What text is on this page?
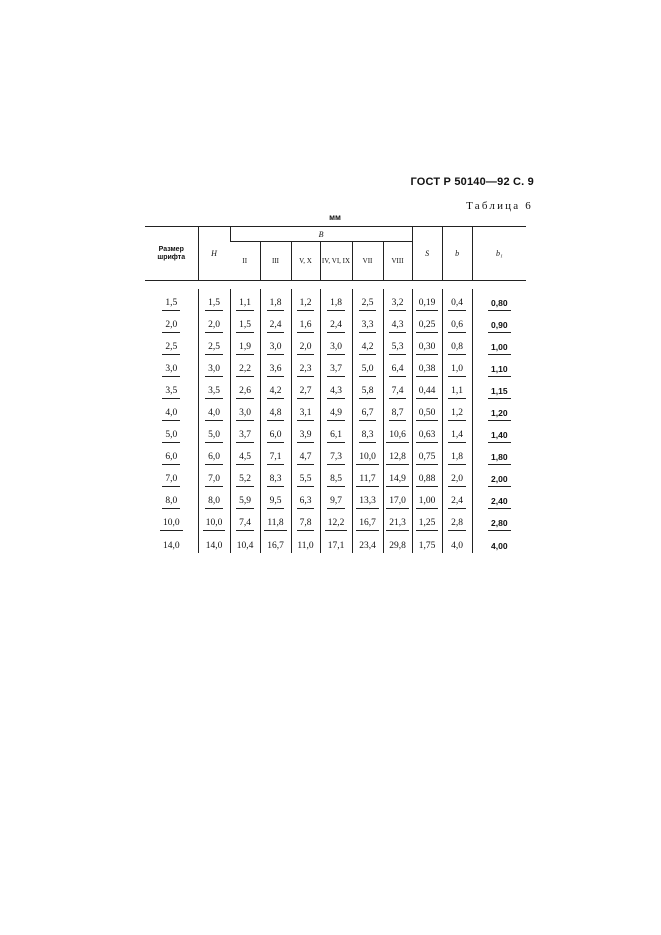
ГОСТ Р 50140—92 С. 9
Таблица 6
мм
Размер шрифта	H	B						S	b	b₁
		II	III	V, X	IV, VI, IX	VII	VIII			

1,5	1,5	1,1	1,8	1,2	1,8	2,5	3,2	0,19	0,4	0,80
2,0	2,0	1,5	2,4	1,6	2,4	3,3	4,3	0,25	0,6	0,90
2,5	2,5	1,9	3,0	2,0	3,0	4,2	5,3	0,30	0,8	1,00
3,0	3,0	2,2	3,6	2,3	3,7	5,0	6,4	0,38	1,0	1,10
3,5	3,5	2,6	4,2	2,7	4,3	5,8	7,4	0,44	1,1	1,15
4,0	4,0	3,0	4,8	3,1	4,9	6,7	8,7	0,50	1,2	1,20
5,0	5,0	3,7	6,0	3,9	6,1	8,3	10,6	0,63	1,4	1,40
6,0	6,0	4,5	7,1	4,7	7,3	10,0	12,8	0,75	1,8	1,80
7,0	7,0	5,2	8,3	5,5	8,5	11,7	14,9	0,88	2,0	2,00
8,0	8,0	5,9	9,5	6,3	9,7	13,3	17,0	1,00	2,4	2,40
10,0	10,0	7,4	11,8	7,8	12,2	16,7	21,3	1,25	2,8	2,80
14,0	14,0	10,4	16,7	11,0	17,1	23,4	29,8	1,75	4,0	4,00
